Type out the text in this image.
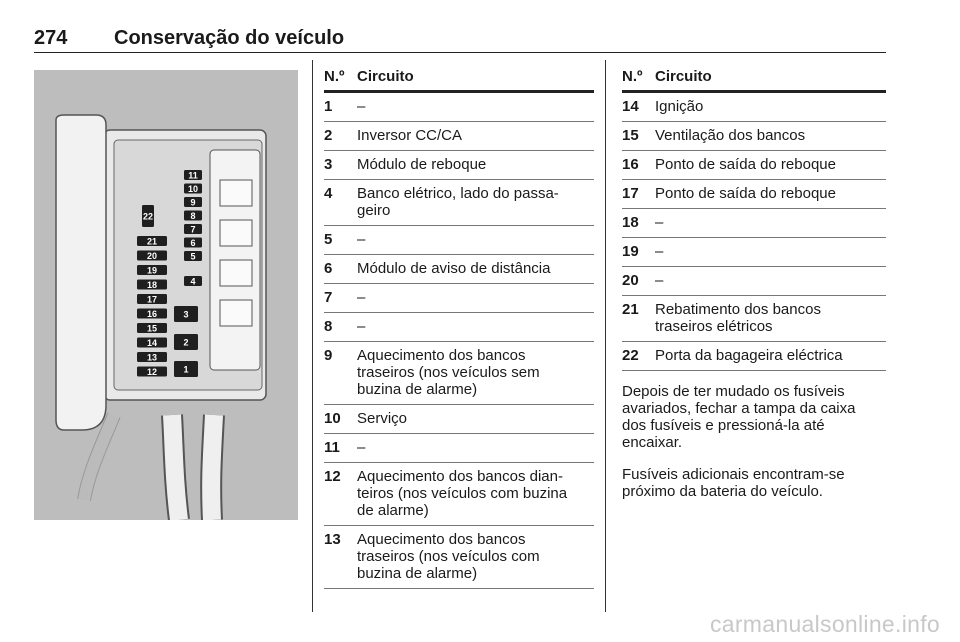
274 Conservação do veículo
22
21
20
19
18
17
16
15
14
13
12
11
10
9
8
7
6
5
4
3
2
1
N.º Circuito
1	–
2	Inversor CC/CA
3	Módulo de reboque
4	Banco elétrico, lado do passa-
geiro
5	–
6	Módulo de aviso de distância
7	–
8	–
9	Aquecimento dos bancos
traseiros (nos veículos sem
buzina de alarme)
10	Serviço
11	–
12	Aquecimento dos bancos dian-
teiros (nos veículos com buzina
de alarme)
13	Aquecimento dos bancos
traseiros (nos veículos com
buzina de alarme)
N.º Circuito
14	Ignição
15	Ventilação dos bancos
16	Ponto de saída do reboque
17	Ponto de saída do reboque
18	–
19	–
20	–
21	Rebatimento dos bancos
traseiros elétricos
22	Porta da bagageira eléctrica

Depois de ter mudado os fusíveis
avariados, fechar a tampa da caixa
dos fusíveis e pressioná-la até
encaixar.

Fusíveis adicionais encontram-se
próximo da bateria do veículo.

carmanualsonline.info
